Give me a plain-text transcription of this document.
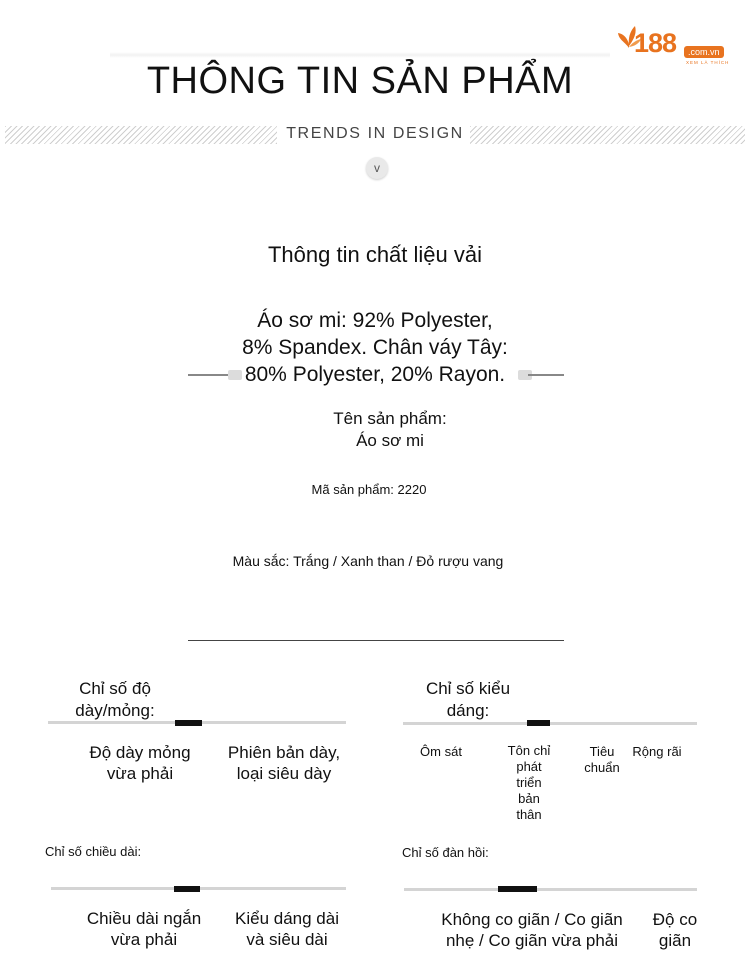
THÔNG TIN SẢN PHẨM
TRENDS IN DESIGN
v
188	.com.vn
XEM LÀ THÍCH
Thông tin chất liệu vải
Áo sơ mi: 92% Polyester,
8% Spandex. Chân váy Tây:
80% Polyester, 20% Rayon.
Tên sản phẩm:
Áo sơ mi
Mã sản phẩm: 2220
Màu sắc: Trắng / Xanh than / Đỏ rượu vang
Chỉ số độ
dày/mỏng:
Độ dày mỏng
vừa phải
Phiên bản dày,
loại siêu dày
Chỉ số kiểu
dáng:
Ôm sát	Tôn chỉ
phát
triển
bản
thân
Tiêu
chuẩn
Rộng rãi
Chỉ số chiều dài:
Chiều dài ngắn
vừa phải
Kiểu dáng dài
và siêu dài
Chỉ số đàn hồi:
Không co giãn / Co giãn
nhẹ / Co giãn vừa phải
Độ co
giãn
